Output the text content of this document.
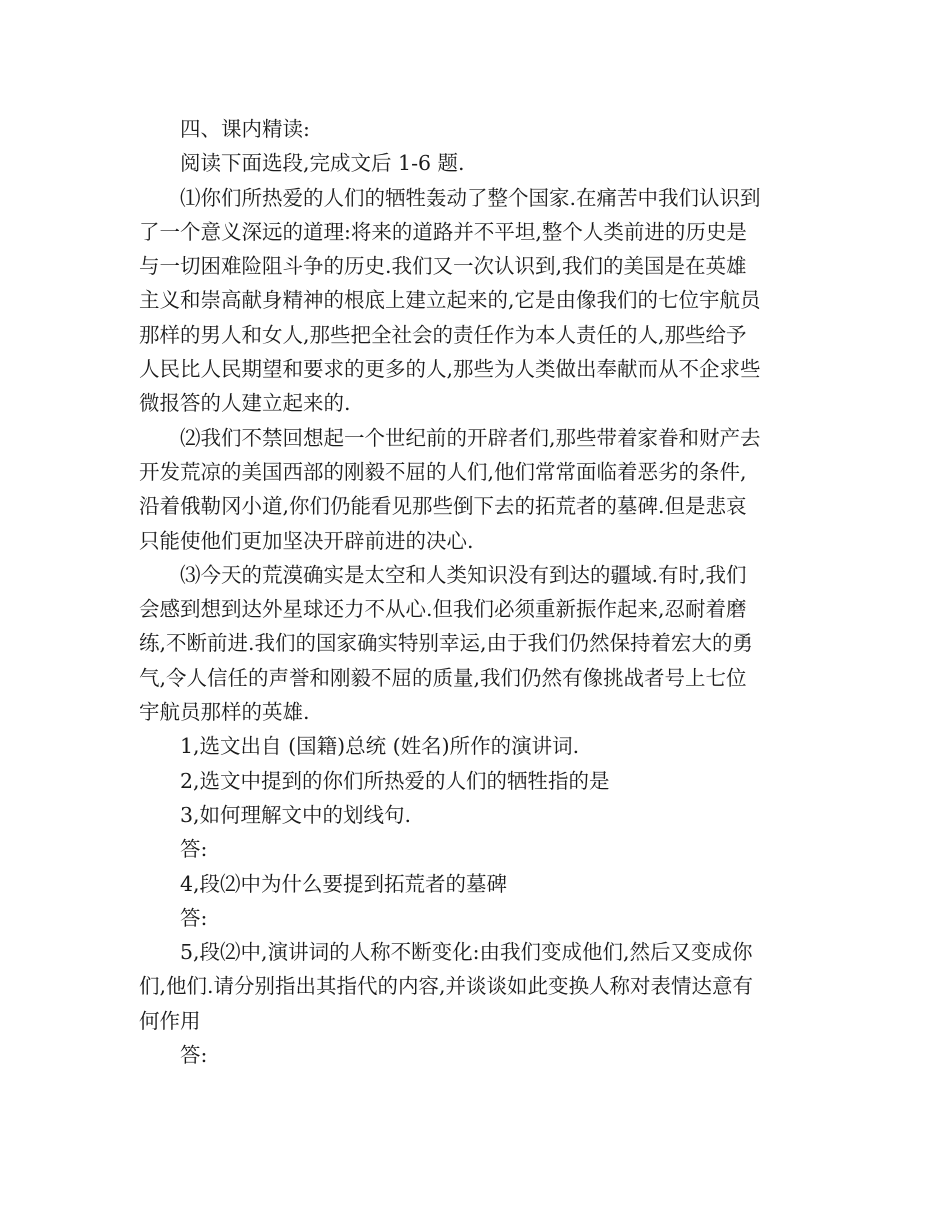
四、课内精读:
阅读下面选段,完成文后 1-6 题.
⑴你们所热爱的人们的牺牲轰动了整个国家.在痛苦中我们认识到
了一个意义深远的道理:将来的道路并不平坦,整个人类前进的历史是
与一切困难险阻斗争的历史.我们又一次认识到,我们的美国是在英雄
主义和崇高献身精神的根底上建立起来的,它是由像我们的七位宇航员
那样的男人和女人,那些把全社会的责任作为本人责任的人,那些给予
人民比人民期望和要求的更多的人,那些为人类做出奉献而从不企求些
微报答的人建立起来的.
⑵我们不禁回想起一个世纪前的开辟者们,那些带着家眷和财产去
开发荒凉的美国西部的刚毅不屈的人们,他们常常面临着恶劣的条件,
沿着俄勒冈小道,你们仍能看见那些倒下去的拓荒者的墓碑.但是悲哀
只能使他们更加坚决开辟前进的决心.
⑶今天的荒漠确实是太空和人类知识没有到达的疆域.有时,我们
会感到想到达外星球还力不从心.但我们必须重新振作起来,忍耐着磨
练,不断前进.我们的国家确实特别幸运,由于我们仍然保持着宏大的勇
气,令人信任的声誉和刚毅不屈的质量,我们仍然有像挑战者号上七位
宇航员那样的英雄.
1,选文出自 (国籍)总统 (姓名)所作的演讲词.
2,选文中提到的你们所热爱的人们的牺牲指的是
3,如何理解文中的划线句.
答:
4,段⑵中为什么要提到拓荒者的墓碑
答:
5,段⑵中,演讲词的人称不断变化:由我们变成他们,然后又变成你
们,他们.请分别指出其指代的内容,并谈谈如此变换人称对表情达意有
何作用
答:
